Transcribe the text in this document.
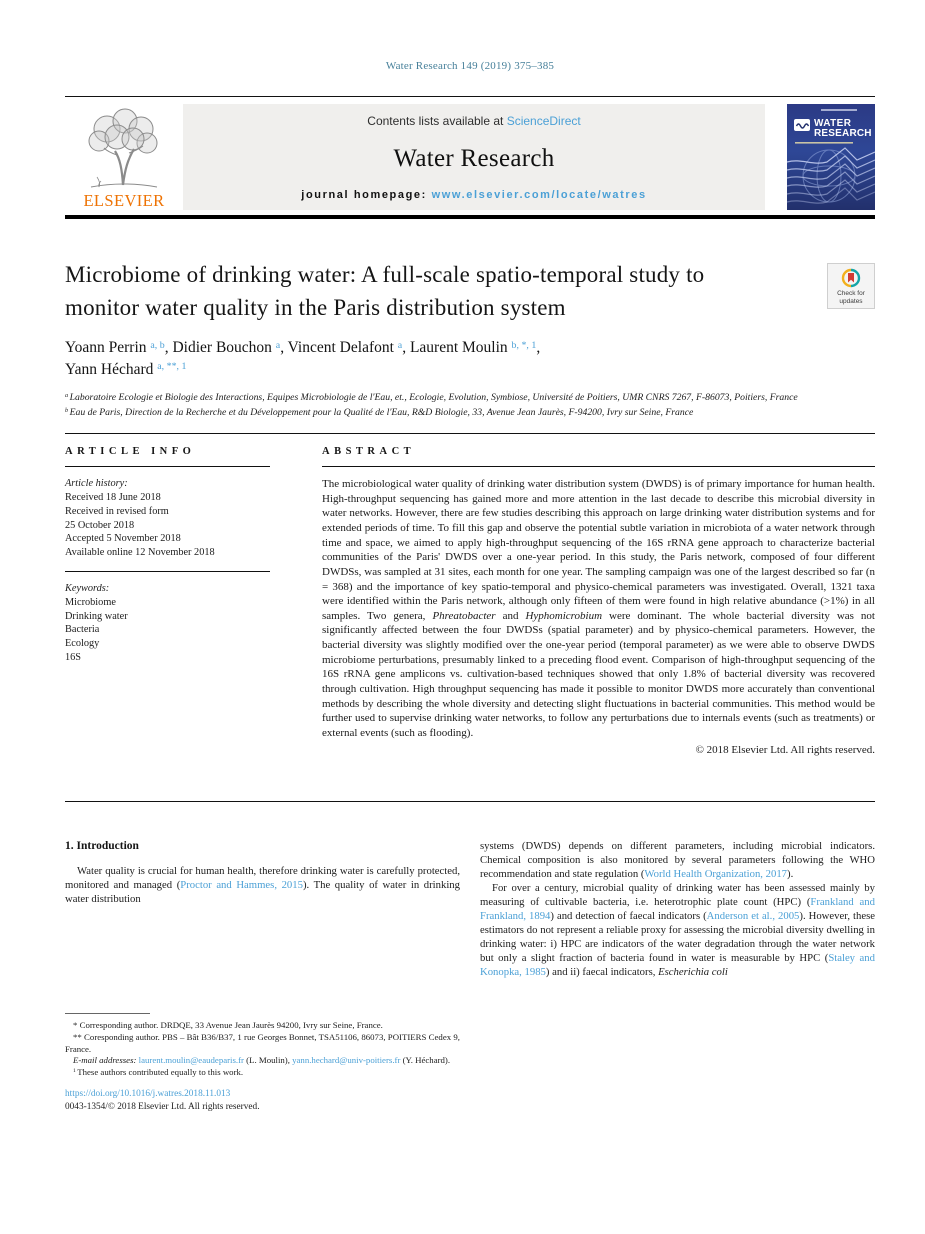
Water Research 149 (2019) 375–385
ELSEVIER
Contents lists available at ScienceDirect
Water Research
journal homepage: www.elsevier.com/locate/watres
WATER
RESEARCH
Microbiome of drinking water: A full-scale spatio-temporal study to monitor water quality in the Paris distribution system
Check for
updates
Yoann Perrin $^{a, b}$, Didier Bouchon $^a$, Vincent Delafont $^a$, Laurent Moulin $^{b, *, 1}$,
Yann Héchard $^{a, **, 1}$

$^a$ Laboratoire Ecologie et Biologie des Interactions, Equipes Microbiologie de l'Eau, et., Ecologie, Evolution, Symbiose, Université de Poitiers, UMR CNRS 7267, F-86073, Poitiers, France

$^b$ Eau de Paris, Direction de la Recherche et du Développement pour la Qualité de l'Eau, R&D Biologie, 33, Avenue Jean Jaurès, F-94200, Ivry sur Seine, France

ARTICLE INFO
Article history:
Received 18 June 2018
Received in revised form
25 October 2018
Accepted 5 November 2018
Available online 12 November 2018
Keywords:
Microbiome
Drinking water
Bacteria
Ecology
16S
ABSTRACT

The microbiological water quality of drinking water distribution system (DWDS) is of primary importance for human health. High-throughput sequencing has gained more and more attention in the last decade to describe this microbial diversity in water networks. However, there are few studies describing this approach on large drinking water distribution systems and for extended periods of time. To fill this gap and observe the potential subtle variation in microbiota of a water network through time and space, we aimed to apply high-throughput sequencing of the 16S rRNA gene approach to characterize bacterial communities of the Paris' DWDS over a one-year period. In this study, the Paris network, composed of four different DWDSs, was sampled at 31 sites, each month for one year. The sampling campaign was one of the largest described so far (n = 368) and the importance of key spatio-temporal and physico-chemical parameters was investigated. Overall, 1321 taxa were identified within the Paris network, although only fifteen of them were found in high relative abundance (>1%) in all samples. Two genera, Phreatobacter and Hyphomicrobium were dominant. The whole bacterial diversity was not significantly affected between the four DWDSs (spatial parameter) and by physico-chemical parameters. However, the bacterial diversity was slightly modified over the one-year period (temporal parameter) as we were able to observe DWDS microbiome perturbations, presumably linked to a preceding flood event. Comparison of high-throughput sequencing of the 16S rRNA gene amplicons vs. cultivation-based techniques showed that only 1.8% of bacterial diversity was recovered through cultivation. High throughput sequencing has made it possible to monitor DWDS more accurately than conventional methods by describing the whole diversity and detecting slight fluctuations in bacterial communities. This method would be further used to supervise drinking water networks, to follow any perturbations due to internals events (such as treatments) or external events (such as flooding).

© 2018 Elsevier Ltd. All rights reserved.

1. Introduction

Water quality is crucial for human health, therefore drinking water is carefully protected, monitored and managed (Proctor and Hammes, 2015). The quality of water in drinking water distribution

* Corresponding author. DRDQE, 33 Avenue Jean Jaurès 94200, Ivry sur Seine, France.

** Coresponding author. PBS – Bât B36/B37, 1 rue Georges Bonnet, TSA51106, 86073, POITIERS Cedex 9, France.

E-mail addresses: laurent.moulin@eaudeparis.fr (L. Moulin), yann.hechard@univ-poitiers.fr (Y. Héchard).

$^1$ These authors contributed equally to this work.

https://doi.org/10.1016/j.watres.2018.11.013

0043-1354/© 2018 Elsevier Ltd. All rights reserved.

systems (DWDS) depends on different parameters, including microbial indicators. Chemical composition is also monitored by several parameters following the WHO recommendation and state regulation (World Health Organization, 2017).

For over a century, microbial quality of drinking water has been assessed mainly by measuring of cultivable bacteria, i.e. heterotrophic plate count (HPC) (Frankland and Frankland, 1894) and detection of faecal indicators (Anderson et al., 2005). However, these estimators do not represent a reliable proxy for assessing the microbial diversity dwelling in drinking water: i) HPC are indicators of the water degradation through the water network but only a slight fraction of bacteria found in water is measurable by HPC (Staley and Konopka, 1985) and ii) faecal indicators, Escherichia coli
